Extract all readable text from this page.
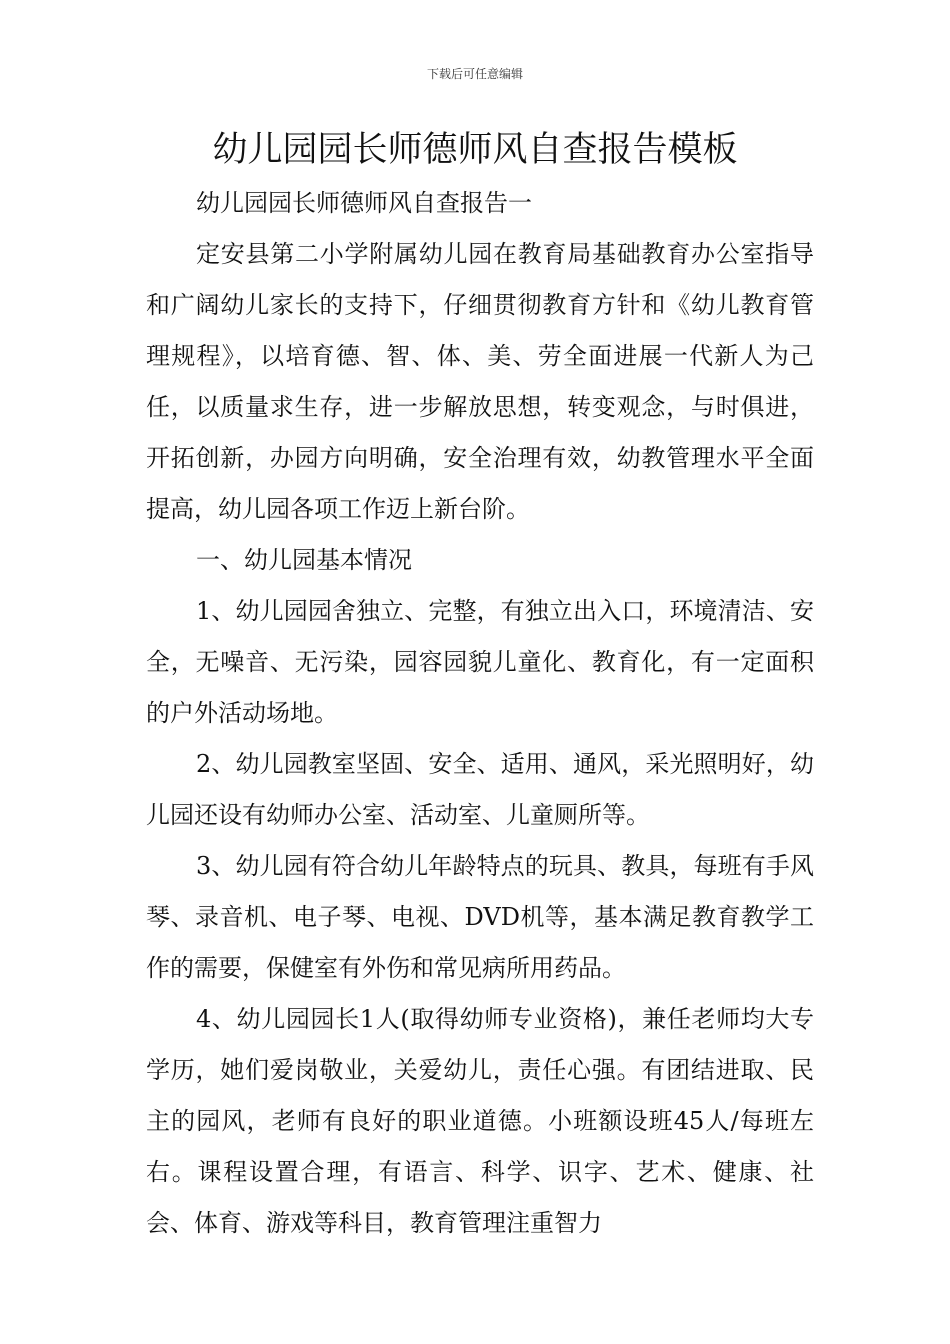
下载后可任意编辑
幼儿园园长师德师风自查报告模板

幼儿园园长师德师风自查报告一

定安县第二小学附属幼儿园在教育局基础教育办公室指导和广阔幼儿家长的支持下，仔细贯彻教育方针和《幼儿教育管理规程》，以培育德、智、体、美、劳全面进展一代新人为己任，以质量求生存，进一步解放思想，转变观念，与时俱进，开拓创新，办园方向明确，安全治理有效，幼教管理水平全面提高，幼儿园各项工作迈上新台阶。

一、幼儿园基本情况

1、幼儿园园舍独立、完整，有独立出入口，环境清洁、安全，无噪音、无污染，园容园貌儿童化、教育化，有一定面积的户外活动场地。

2、幼儿园教室坚固、安全、适用、通风，采光照明好，幼儿园还设有幼师办公室、活动室、儿童厕所等。

3、幼儿园有符合幼儿年龄特点的玩具、教具，每班有手风琴、录音机、电子琴、电视、DVD机等，基本满足教育教学工作的需要，保健室有外伤和常见病所用药品。

4、幼儿园园长1人(取得幼师专业资格)，兼任老师均大专学历，她们爱岗敬业，关爱幼儿，责任心强。有团结进取、民主的园风，老师有良好的职业道德。小班额设班45人/每班左右。课程设置合理，有语言、科学、识字、艺术、健康、社会、体育、游戏等科目，教育管理注重智力
